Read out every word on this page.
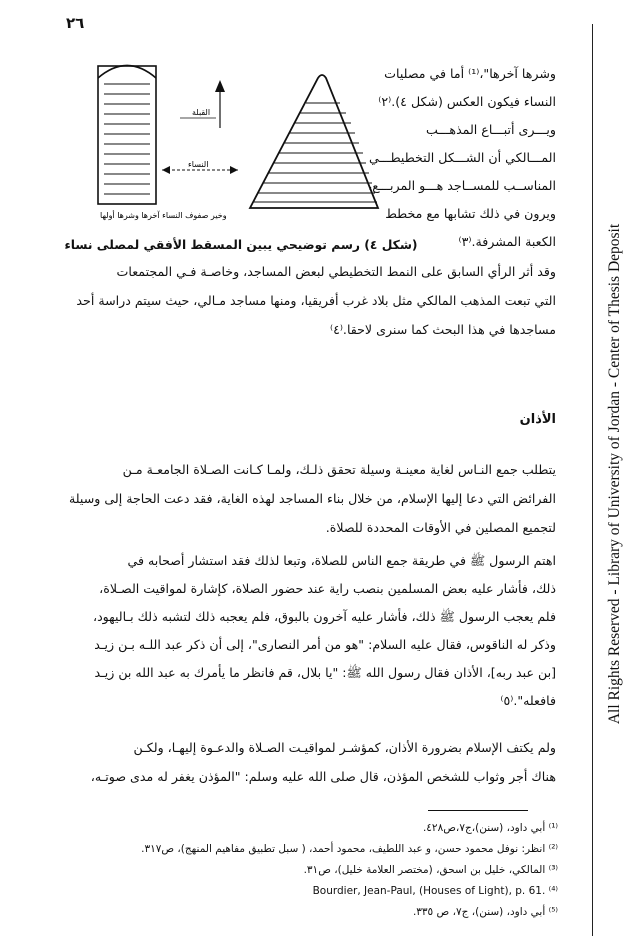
٢٦
All Rights Reserved - Library of University of Jordan - Center of Thesis Deposit
القبلة
النساء
وخير صفوف النساء آخرها وشرها أولها
وشرها آخرها"،⁽¹⁾ أما في مصليات
النساء فيكون العكس (شكل ٤).⁽٢⁾
ويـــرى أتبـــاع المذهـــب
المـــالكي أن الشـــكل التخطيطـــي
المناســب للمســاجد هـــو المربـــع،
ويرون في ذلك تشابها مع مخطط
الكعبة المشرفة.⁽٣⁾
(شكل ٤) رسم توضيحي يبين المسقط الأفقي لمصلى نساء
وقد أثر الرأي السابق على النمط التخطيطي لبعض المساجد، وخاصـة فـي المجتمعات
التي تبعت المذهب المالكي مثل بلاد غرب أفريقيا، ومنها مساجد مـالي، حيث سيتم دراسة أحد
مساجدها في هذا البحث كما سنرى لاحقا.⁽٤⁾
الأذان
يتطلب جمع النـاس لغاية معينـة وسيلة تحقق ذلـك، ولمـا كـانت الصـلاة الجامعـة مـن
الفرائض التي دعا إليها الإسلام، من خلال بناء المساجد لهذه الغاية، فقد دعت الحاجة إلى وسيلة
لتجميع المصلين في الأوقات المحددة للصلاة.
اهتم الرسول ﷺ في طريقة جمع الناس للصلاة، وتبعا لذلك فقد استشار أصحابه في
ذلك، فأشار عليه بعض المسلمين بنصب راية عند حضور الصلاة، كإشارة لمواقيت الصـلاة،
فلم يعجب الرسول ﷺ ذلك، فأشار عليه آخرون بالبوق، فلم يعجبه ذلك لتشبه ذلك بـاليهود،
وذكر له الناقوس، فقال عليه السلام: "هو من أمر النصارى"، إلى أن ذكر عبد اللـه بـن زيـد
[بن عبد ربه]، الأذان فقال رسول الله ﷺ: "يا بلال، قم فانظر ما يأمرك به عبد الله بن زيـد
فافعله".⁽٥⁾
ولم يكتف الإسلام بضرورة الأذان، كمؤشـر لمواقيـت الصـلاة والدعـوة إليهـا، ولكـن
هناك أجر وثواب للشخص المؤذن، قال صلى الله عليه وسلم: "المؤذن يغفر له مدى صوتـه،
⁽¹⁾ أبي داود، (سنن)،ج٧،ص٤٢٨.
⁽²⁾ انظر: نوفل محمود حسن، و عبد اللطيف، محمود أحمد، ( سبل تطبيق مفاهيم المنهج)، ص٣١٧.
⁽³⁾ المالكي، خليل بن اسحق، (مختصر العلامة خليل)، ص٣١.
Bourdier, Jean-Paul, (Houses of Light), p. 61. ⁽⁴⁾
⁽⁵⁾ أبي داود، (سنن)، ج٧، ص ٣٣٥.
